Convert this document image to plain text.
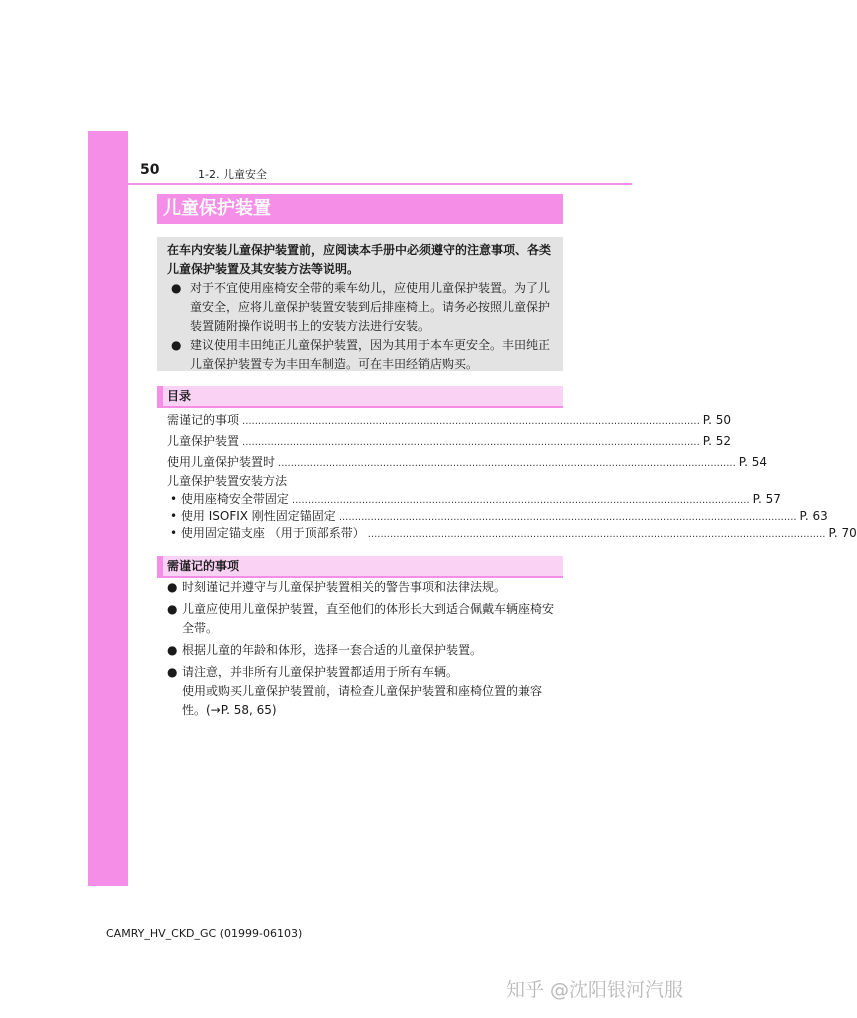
50	1-2. 儿童安全
儿童保护装置
在车内安装儿童保护装置前，应阅读本手册中必须遵守的注意事项、各类儿童保护装置及其安装方法等说明。
● 对于不宜使用座椅安全带的乘车幼儿，应使用儿童保护装置。为了儿童安全，应将儿童保护装置安装到后排座椅上。请务必按照儿童保护装置随附操作说明书上的安装方法进行安装。
● 建议使用丰田纯正儿童保护装置，因为其用于本车更安全。丰田纯正儿童保护装置专为丰田车制造。可在丰田经销店购买。
目录
需谨记的事项 ................................................................................................................................................ P. 50
儿童保护装置 ................................................................................................................................................ P. 52
使用儿童保护装置时 ................................................................................................................................................ P. 54
儿童保护装置安装方法
• 使用座椅安全带固定 ................................................................................................................................................ P. 57
• 使用 ISOFIX 刚性固定锚固定 ................................................................................................................................................ P. 63
• 使用固定锚支座 （用于顶部系带） ................................................................................................................................................ P. 70
需谨记的事项
● 时刻谨记并遵守与儿童保护装置相关的警告事项和法律法规。
● 儿童应使用儿童保护装置，直至他们的体形长大到适合佩戴车辆座椅安全带。
● 根据儿童的年龄和体形，选择一套合适的儿童保护装置。
● 请注意，并非所有儿童保护装置都适用于所有车辆。
使用或购买儿童保护装置前，请检查儿童保护装置和座椅位置的兼容性。(→P. 58, 65)
CAMRY_HV_CKD_GC (01999-06103)
知乎 @沈阳银河汽服
